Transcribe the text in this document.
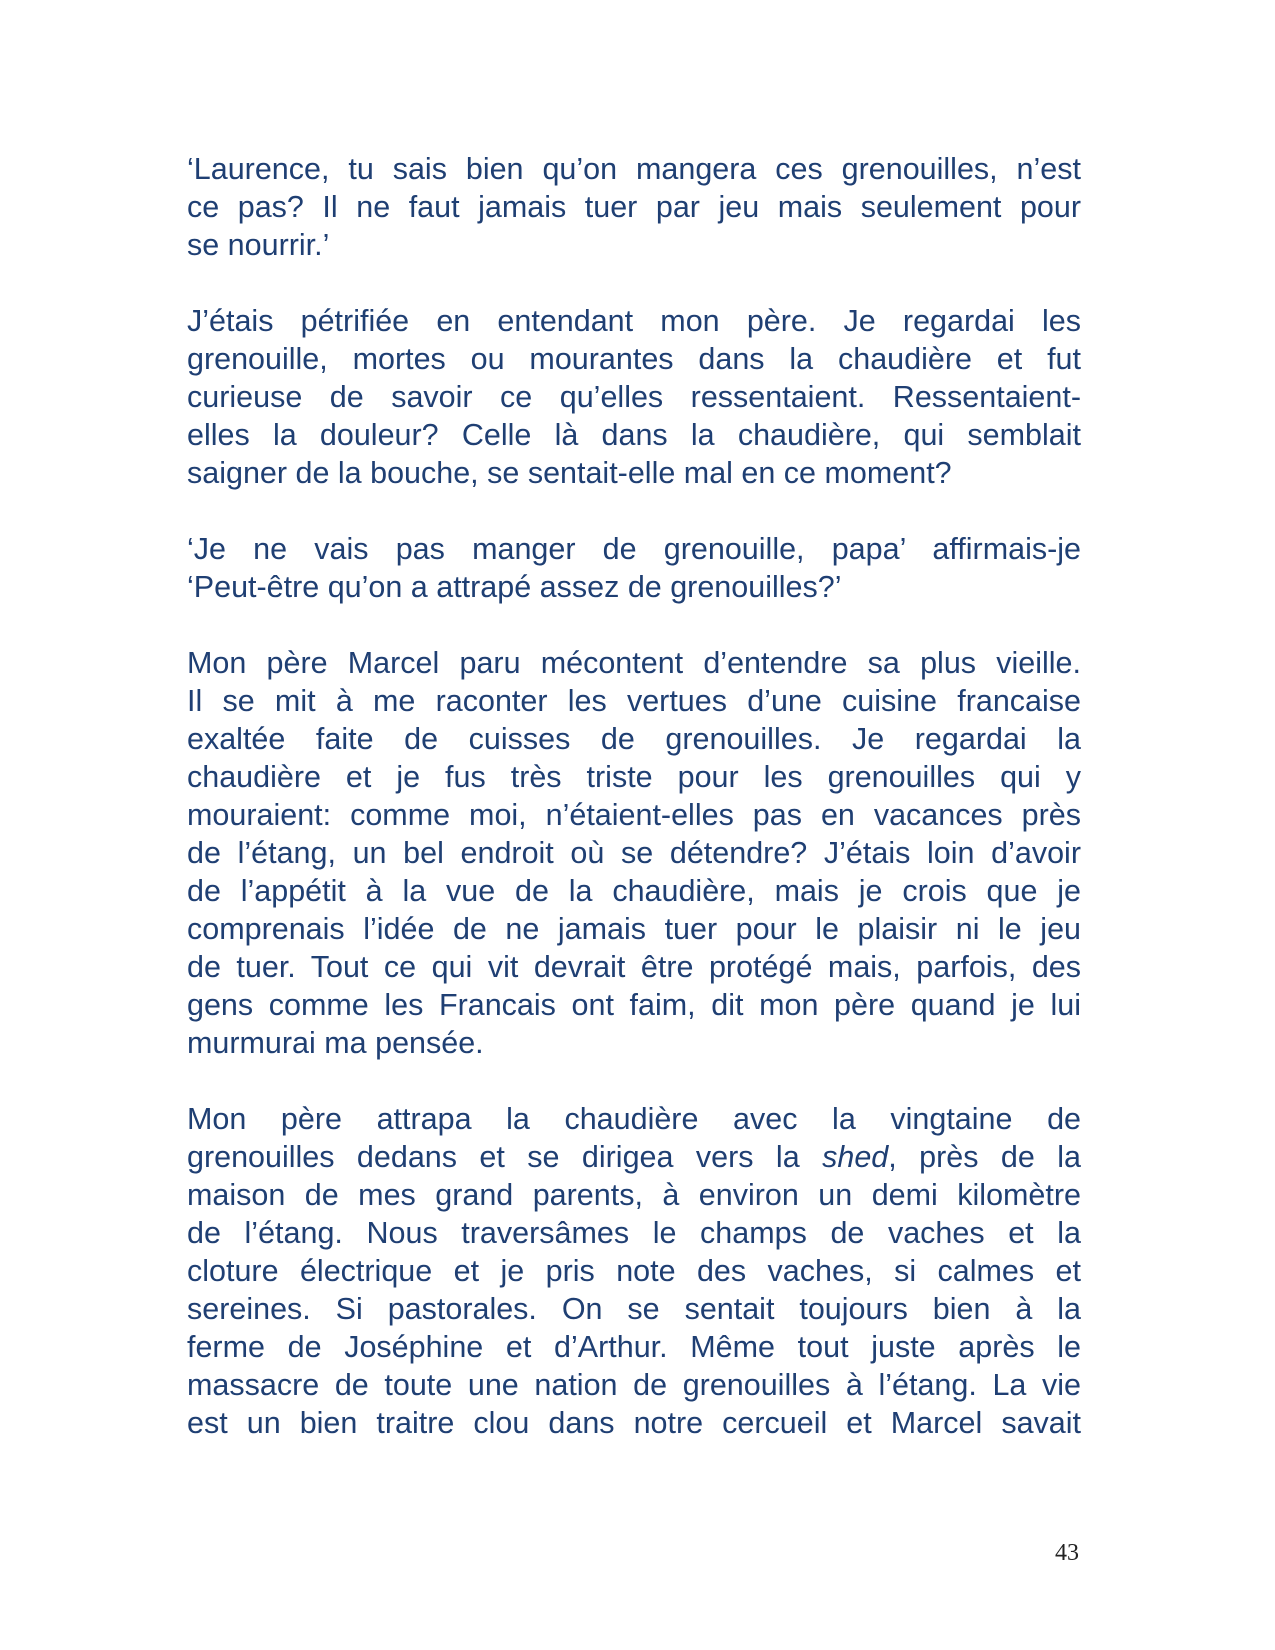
‘Laurence, tu sais bien qu’on mangera ces grenouilles, n’est
ce pas? Il ne faut jamais tuer par jeu mais seulement pour
se nourrir.’

J’étais pétrifiée en entendant mon père. Je regardai les
grenouille, mortes ou mourantes dans la chaudière et fut
curieuse de savoir ce qu’elles ressentaient. Ressentaient-
elles la douleur? Celle là dans la chaudière, qui semblait
saigner de la bouche, se sentait-elle mal en ce moment?

‘Je ne vais pas manger de grenouille, papa’ affirmais-je
‘Peut-être qu’on a attrapé assez de grenouilles?’

Mon père Marcel paru mécontent d’entendre sa plus vieille.
Il se mit à me raconter les vertues d’une cuisine francaise
exaltée faite de cuisses de grenouilles. Je regardai la
chaudière et je fus très triste pour les grenouilles qui y
mouraient: comme moi, n’étaient-elles pas en vacances près
de l’étang, un bel endroit où se détendre? J’étais loin d’avoir
de l’appétit à la vue de la chaudière, mais je crois que je
comprenais l’idée de ne jamais tuer pour le plaisir ni le jeu
de tuer. Tout ce qui vit devrait être protégé mais, parfois, des
gens comme les Francais ont faim, dit mon père quand je lui
murmurai ma pensée.

Mon père attrapa la chaudière avec la vingtaine de
grenouilles dedans et se dirigea vers la shed, près de la
maison de mes grand parents, à environ un demi kilomètre
de l’étang. Nous traversâmes le champs de vaches et la
cloture électrique et je pris note des vaches, si calmes et
sereines. Si pastorales. On se sentait toujours bien à la
ferme de Joséphine et d’Arthur. Même tout juste après le
massacre de toute une nation de grenouilles à l’étang. La vie
est un bien traitre clou dans notre cercueil et Marcel savait

43
